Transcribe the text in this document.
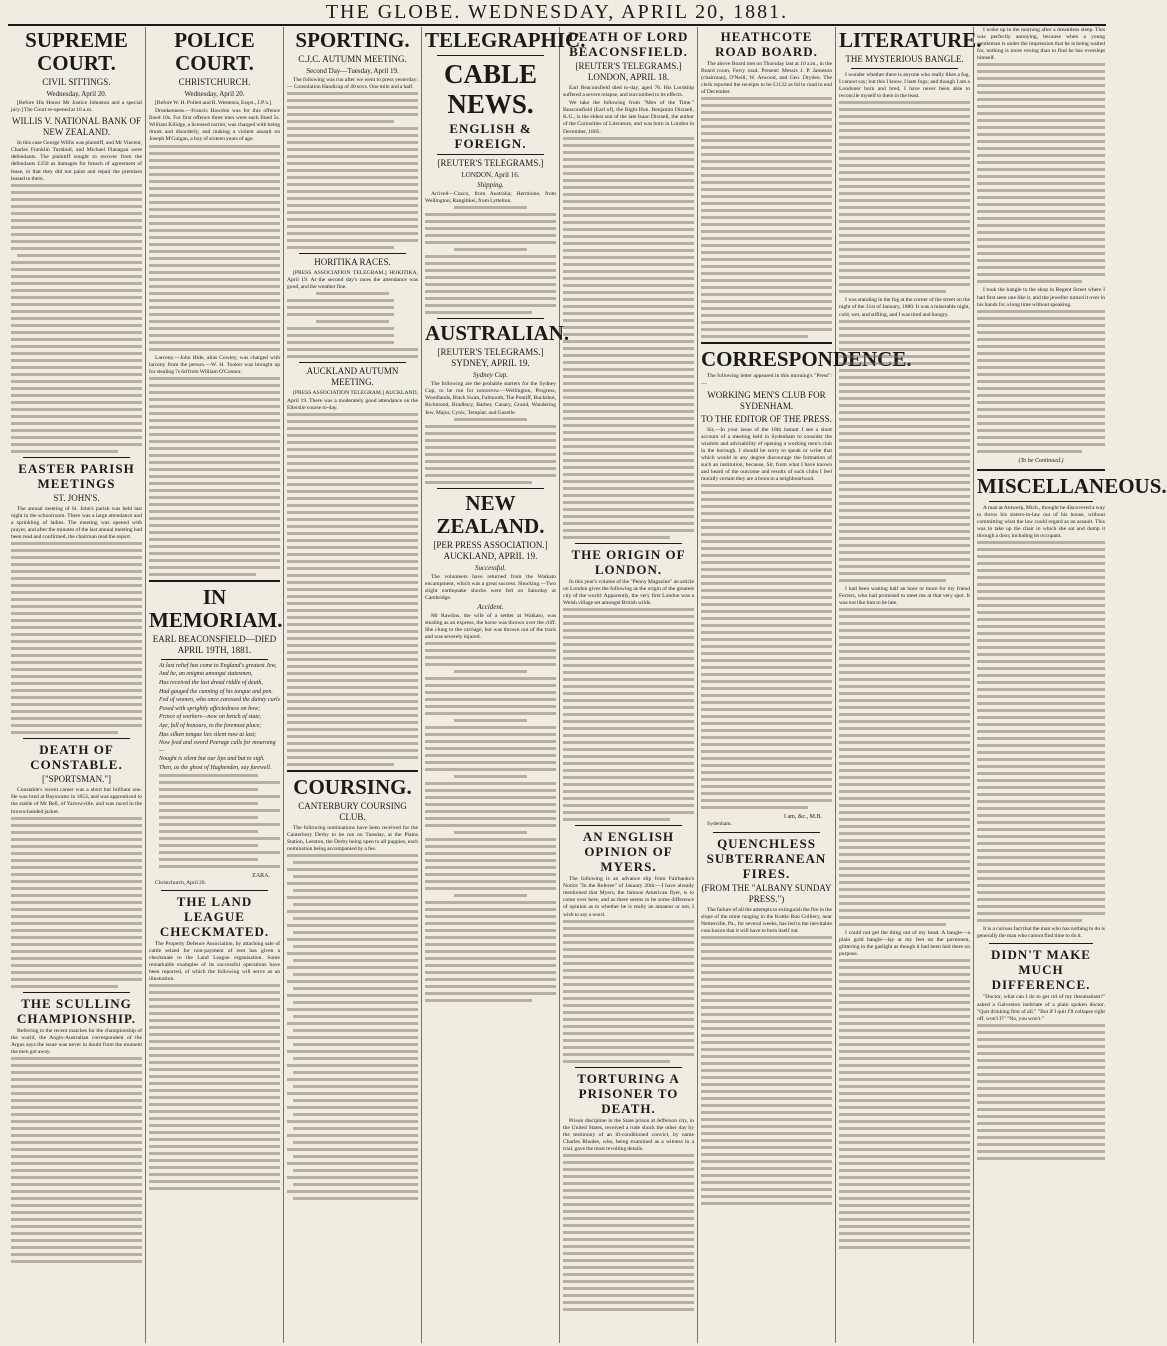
THE GLOBE. WEDNESDAY, APRIL 20, 1881.
SUPREME COURT.
CIVIL SITTINGS.
Wednesday, April 20.
[Before His Honor Mr Justice Johnston and a special jury.] The Court re-opened at 10 a.m.
WILLIS V. NATIONAL BANK OF NEW ZEALAND.
In this case George Willis was plaintiff, and Mr Vincent, Charles Franklin Turnbull, and Michael Flanagan were defendants. The plaintiff sought to recover from the defendants £250 as damages for breach of agreement of lease, in that they did not paint and repair the premises leased to them.
EASTER PARISH MEETINGS
ST. JOHN'S.
The annual meeting of St. John's parish was held last night in the schoolroom. There was a large attendance and a sprinkling of ladies. The meeting was opened with prayer, and after the minutes of the last annual meeting had been read and confirmed, the chairman read the report.
DEATH OF CONSTABLE.
["SPORTSMAN."]
Constable's recent career was a short but brilliant one. He was bred at Bayswater in 1853, and was apprenticed to the stable of Mr Bell, of Yarrowville, and was raced in the brown-banded jacket.
THE SCULLING CHAMPIONSHIP.
Referring to the recent matches for the championship of the world, the Anglo-Australian correspondent of the Argus says the issue was never in doubt from the moment the men got away.
POLICE COURT.
CHRISTCHURCH.
Wednesday, April 20.
[Before W. H. Pollett and R. Westenra, Esqrs., J.P.'s.]
Drunkenness.—Francis Hawdon was for this offence fined 10s. For first offence three men were each fined 5s. William Kilidge, a licensed carrier, was charged with being drunk and disorderly, and making a violent assault on Joseph M'Guigan, a boy of sixteen years of age.
Larceny.—John Hide, alias Cowley, was charged with larceny from the person.—W. H. Tooker was brought up for stealing 7s 6d from William O'Connor.
IN MEMORIAM.
EARL BEACONSFIELD—DIED APRIL 19TH, 1881.
At last relief has come to England's greatest Jew,
And he, an enigma amongst statesmen,
Has received the last dread riddle of death,
Had gauged the cunning of his tongue and pen.
Fed of women, who once caressed the dainty curls
Posed with sprightly affectedness on bow;
Prince of workers—now on bench of state,
Aye, full of honours, to the foremost place;
Has silken tongue lies silent now at last;
Now feed and sword Peerage calls for mourning—
Nought is silent but our lips and but to sigh.
Then, as the ghost of Hughenden, say farewell.
ZARA.
Christchurch, April 20.
THE LAND LEAGUE CHECKMATED.
The Property Defence Association, by attaching sale of cattle seized for non-payment of rent has given a checkmate to the Land League organisation. Some remarkable examples of its successful operations have been reported, of which the following will serve as an illustration.
SPORTING.
C.J.C. AUTUMN MEETING.
Second Day—Tuesday, April 19.
The following was run after we went to press yesterday:— Consolation Handicap of 40 sovs. One mile and a half.
HORITIKA RACES.
[PRESS ASSOCIATION TELEGRAM.] HOKITIKA, April 19. At the second day's races the attendance was good, and the weather fine.
AUCKLAND AUTUMN MEETING.
[PRESS ASSOCIATION TELEGRAM.] AUCKLAND, April 19. There was a moderately good attendance on the Ellerslie course to-day.
COURSING.
CANTERBURY COURSING CLUB.
The following nominations have been received for the Canterbury Derby to be run on Tuesday, at the Plains Station, Leeston, the Derby being open to all puppies, each nomination being accompanied by a fee.
TELEGRAPHIC.
CABLE NEWS.
ENGLISH & FOREIGN.
[REUTER'S TELEGRAMS.]
LONDON, April 16.
Shipping.
Arrived—Cuzco, from Australia; Hermione, from Wellington; Rangitikei, from Lyttelton.
AUSTRALIAN.
[REUTER'S TELEGRAMS.] SYDNEY, APRIL 19.
Sydney Cup.
The following are the probable starters for the Sydney Cup, to be run for tomorrow.—Wellington, Progress, Woodlands, Black Swan, Falmouth, The Pontiff, Buckshot, Richmond, Bradbury, Barber, Canary, Grand, Wandering Jew, Major, Cynic, Templar, and Gazelle.
NEW ZEALAND.
[PER PRESS ASSOCIATION.] AUCKLAND, APRIL 19.
Successful.
The volunteers have returned from the Waikato encampment, which was a great success. Shocking.—Two slight earthquake shocks were felt on Saturday at Cambridge.
Accident.
Mr Rawlins, the wife of a settler at Waikato, was stealing as an express, the horse was thrown over the cliff. She clung to the carriage, but was thrown out of the track and was severely injured.
DEATH OF LORD BEACONSFIELD.
[REUTER'S TELEGRAMS.] LONDON, APRIL 18.
Earl Beaconsfield died to-day, aged 76. His Lordship suffered a severe relapse, and succumbed to its effects.
We take the following from "Men of the Time." Beaconsfield (Earl of), the Right Hon. Benjamin Disraeli, K.G., is the eldest son of the late Isaac Disraeli, the author of the Curiosities of Literature, and was born in London in December, 1805.
THE ORIGIN OF LONDON.
In this year's volume of the "Penny Magazine" an article on London gives the following as the origin of the greatest city of the world: Apparently, the very first London was a Welsh village set amongst British wilds.
AN ENGLISH OPINION OF MYERS.
The following is an advance slip from Fairbanks's Notice "In the Referee" of January 20th:—I have already mentioned that Myers, the famous American flyer, is to come over here, and as there seems to be some difference of opinion as to whether he is really an amateur or not, I wish to say a word.
TORTURING A PRISONER TO DEATH.
Prison discipline in the State prison at Jefferson city, in the United States, received a rude shock the other day by the testimony of an ill-conditioned convict, by name Charles Rhodes, who, being examined as a witness in a trial, gave the most revolting details.
HEATHCOTE ROAD BOARD.
The above Board met on Thursday last at 10 a.m., in the Board room, Ferry road. Present: Messrs J. P. Jameson (chairman), O'Neill, W. Atwood, and Geo. Dryden. The clerk reported the receipts to be £1132 as 6d to road to end of December.
CORRESPONDENCE.
The following letter appeared in this morning's "Press":—
WORKING MEN'S CLUB FOR SYDENHAM.
TO THE EDITOR OF THE PRESS.
Sir,—In your issue of the 18th instant I see a short account of a meeting held in Sydenham to consider the wisdom and advisability of opening a working men's club in the borough. I should be sorry to speak or write that which would in any degree discourage the formation of such an institution, because, Sir, from what I have known and heard of the outcome and results of such clubs I feel morally certain they are a boon to a neighbourhood.
I am, &c., M.B.
Sydenham.
QUENCHLESS SUBTERRANEAN FIRES.
(FROM THE "ALBANY SUNDAY PRESS.")
The failure of all the attempts to extinguish the fire in the slope of the mine ranging in the Kottle Run Colliery, near Nettesville, Pa., for several weeks, has led to the inevitable conclusion that it will have to burn itself out.
LITERATURE.
THE MYSTERIOUS BANGLE.
I wonder whether there is anyone who really likes a fog. I cannot say; but this I know. I hate fogs; and though I am a Londoner born and bred, I have never been able to reconcile myself to them in the least.
I was standing in the fog at the corner of the street on the night of the 31st of January, 1880. It was a miserable night, cold, wet, and stifling, and I was tired and hungry.
I had been waiting half an hour or more for my friend Ferrers, who had promised to meet me at that very spot. It was not like him to be late.
I could not get the thing out of my head. A bangle—a plain gold bangle—lay at my feet on the pavement, glittering in the gaslight as though it had been laid there on purpose.
I woke up in the morning after a dreamless sleep. This was perfectly annoying, because when a young gentleman is under the impression that he is being waited for, nothing is more vexing than to find he has overslept himself.
I took the bangle to the shop in Regent Street where I had first seen one like it, and the jeweller turned it over in his hands for a long time without speaking.
(To be Continued.)
MISCELLANEOUS.
A man at Antwerp, Mich., thought he discovered a way to throw his sisters-in-law out of his house, without committing what the law could regard as an assault. This was to take up the chair in which she sat and dump it through a door, including its occupant.
It is a curious fact that the man who has nothing to do is generally the man who cannot find time to do it.
DIDN'T MAKE MUCH DIFFERENCE.
"Doctor, what can I do to get rid of my rheumatism?" asked a Galveston inebriate of a plain spoken doctor. "Quit drinking first of all." "But if I quit I'll collapse right off, won't I?" "No, you won't."
